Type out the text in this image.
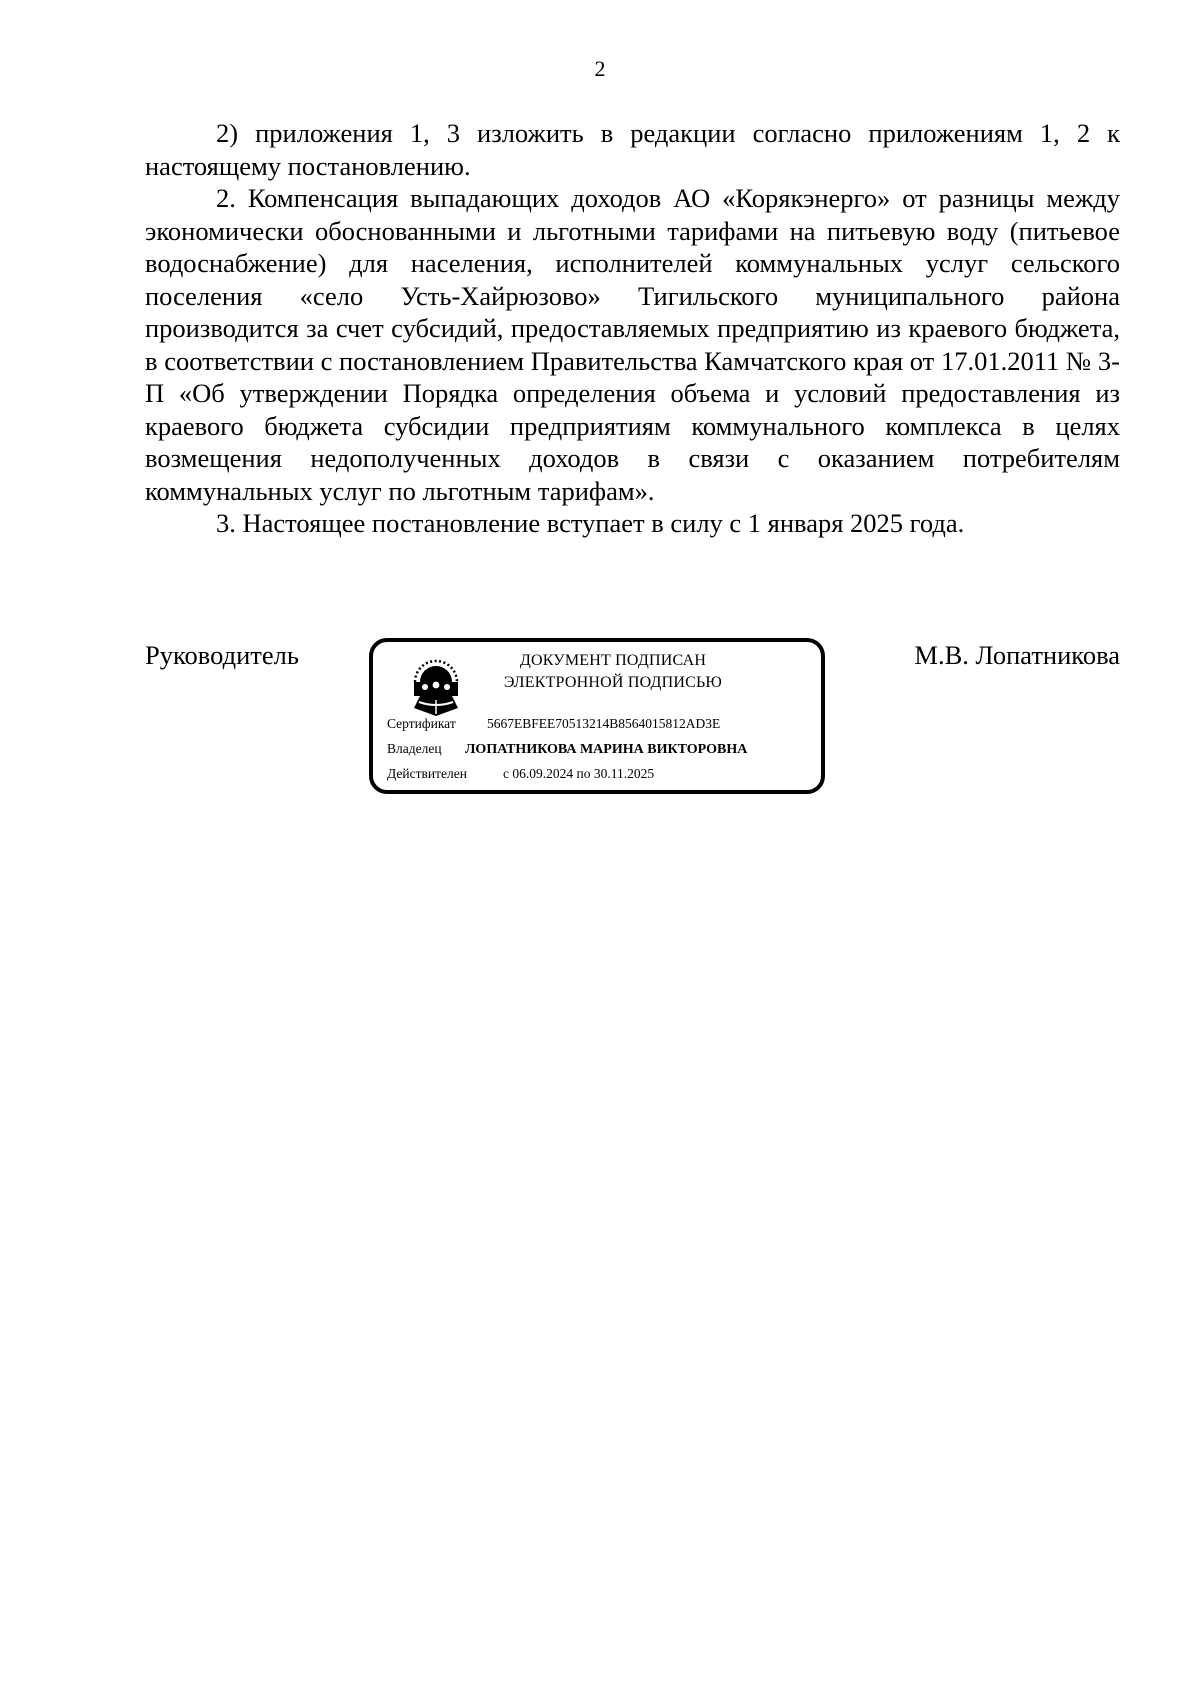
2

2) приложения 1, 3 изложить в редакции согласно приложениям 1, 2 к настоящему постановлению.

2. Компенсация выпадающих доходов АО «Корякэнерго» от разницы между экономически обоснованными и льготными тарифами на питьевую воду (питьевое водоснабжение) для населения, исполнителей коммунальных услуг сельского поселения «село Усть-Хайрюзово» Тигильского муниципального района производится за счет субсидий, предоставляемых предприятию из краевого бюджета, в соответствии с постановлением Правительства Камчатского края от 17.01.2011 № 3-П «Об утверждении Порядка определения объема и условий предоставления из краевого бюджета субсидии предприятиям коммунального комплекса в целях возмещения недополученных доходов в связи с оказанием потребителям коммунальных услуг по льготным тарифам».

3. Настоящее постановление вступает в силу с 1 января 2025 года.

Руководитель	ДОКУМЕНТ ПОДПИСАН
ЭЛЕКТРОННОЙ ПОДПИСЬЮ
Сертификат 5667EBFEE70513214B8564015812AD3E
Владелец ЛОПАТНИКОВА МАРИНА ВИКТОРОВНА
Действителен	с 06.09.2024 по 30.11.2025
М.В. Лопатникова
